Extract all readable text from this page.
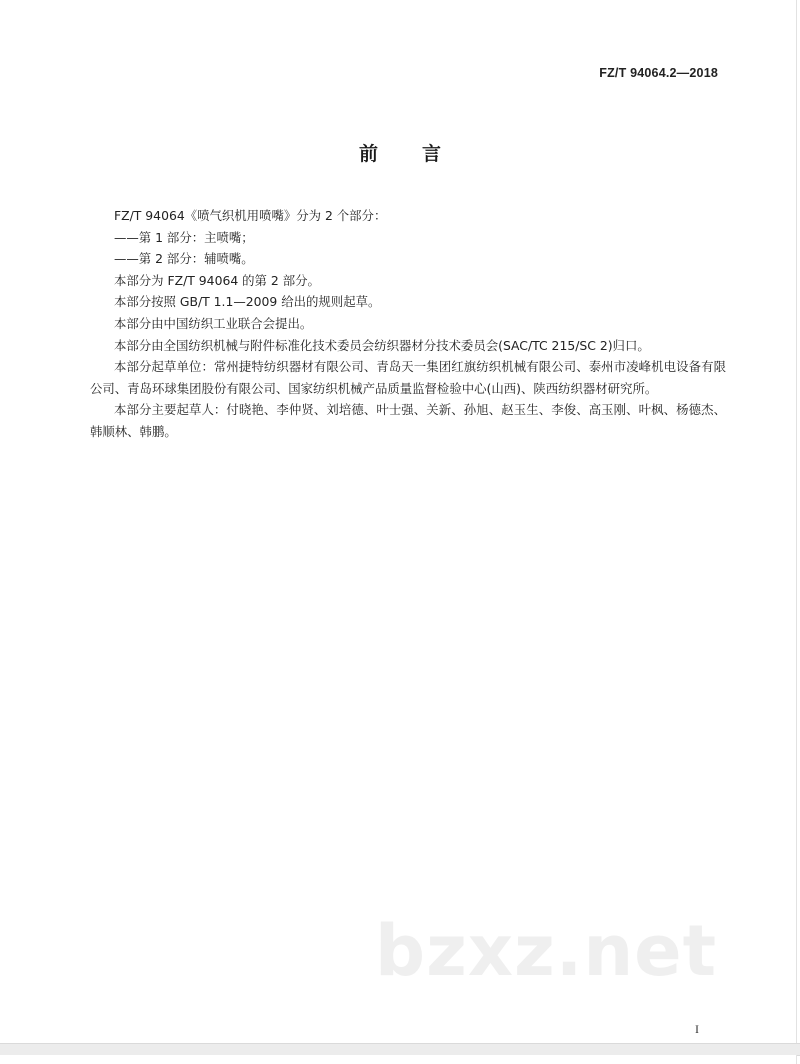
FZ/T 94064.2—2018
前 言

FZ/T 94064《喷气织机用喷嘴》分为 2 个部分：

——第 1 部分：主喷嘴；

——第 2 部分：辅喷嘴。

本部分为 FZ/T 94064 的第 2 部分。

本部分按照 GB/T 1.1—2009 给出的规则起草。

本部分由中国纺织工业联合会提出。

本部分由全国纺织机械与附件标准化技术委员会纺织器材分技术委员会(SAC/TC 215/SC 2)归口。

本部分起草单位：常州捷特纺织器材有限公司、青岛天一集团红旗纺织机械有限公司、泰州市凌峰机电设备有限公司、青岛环球集团股份有限公司、国家纺织机械产品质量监督检验中心(山西)、陕西纺织器材研究所。

本部分主要起草人：付晓艳、李仲贤、刘培德、叶士强、关新、孙旭、赵玉生、李俊、高玉刚、叶枫、杨德杰、韩顺林、韩鹏。

bzxz.net
I
